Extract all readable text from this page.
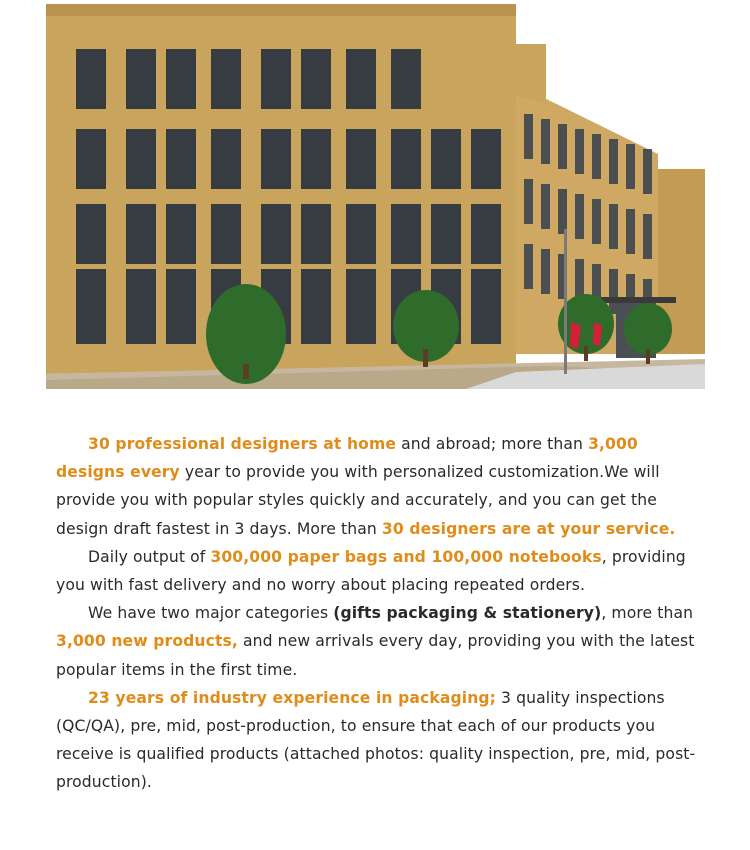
30 professional designers at home and abroad; more than 3,000 designs every year to provide you with personalized customization.We will provide you with popular styles quickly and accurately, and you can get the design draft fastest in 3 days. More than 30 designers are at your service.

Daily output of 300,000 paper bags and 100,000 notebooks, providing you with fast delivery and no worry about placing repeated orders.

We have two major categories (gifts packaging & stationery), more than 3,000 new products, and new arrivals every day, providing you with the latest popular items in the first time.

23 years of industry experience in packaging; 3 quality inspections (QC/QA), pre, mid, post-production, to ensure that each of our products you receive is qualified products (attached photos: quality inspection, pre, mid, post-production).
